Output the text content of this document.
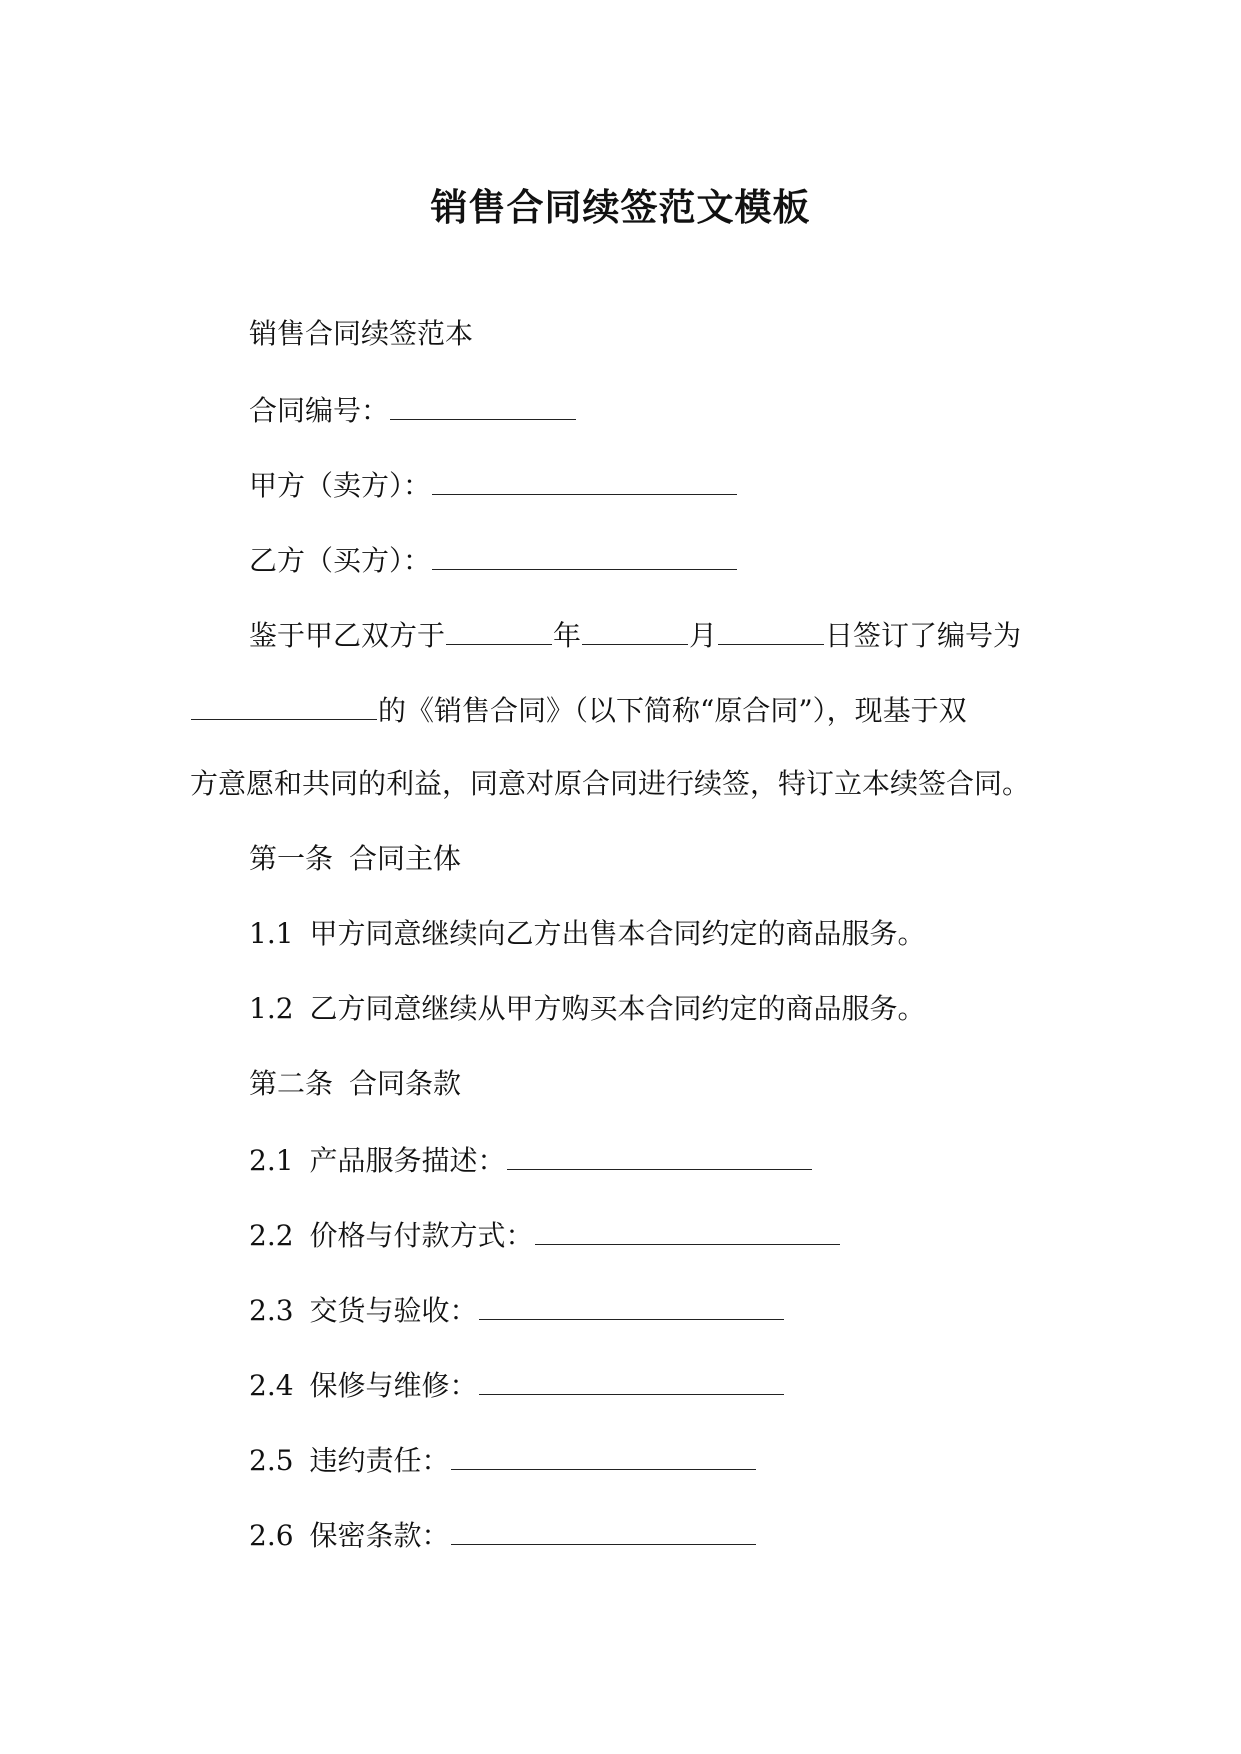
销售合同续签范文模板
销售合同续签范本
合同编号：
甲方（卖方）：
乙方（买方）：
鉴于甲乙双方于	年	月	日签订了编号为
的《销售合同》（以下简称“原合同”），现基于双
方意愿和共同的利益，同意对原合同进行续签，特订立本续签合同。
第一条 合同主体
1.1 甲方同意继续向乙方出售本合同约定的商品服务。
1.2 乙方同意继续从甲方购买本合同约定的商品服务。
第二条 合同条款
2.1 产品服务描述：
2.2 价格与付款方式：
2.3 交货与验收：
2.4 保修与维修：
2.5 违约责任：
2.6 保密条款：
